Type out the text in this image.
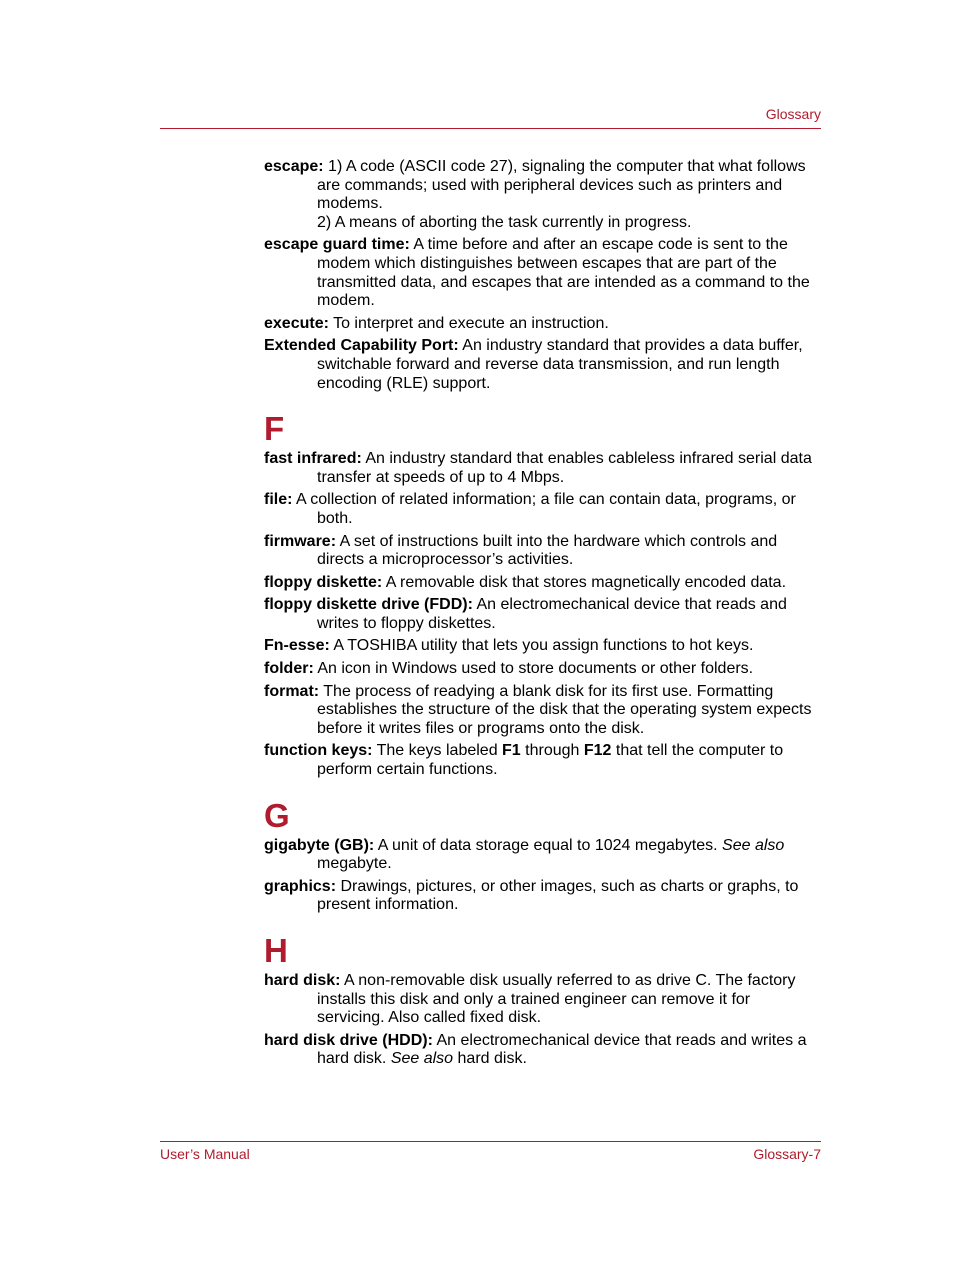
Glossary

escape: 1) A code (ASCII code 27), signaling the computer that what follows are commands; used with peripheral devices such as printers and modems.
2) A means of aborting the task currently in progress.

escape guard time: A time before and after an escape code is sent to the modem which distinguishes between escapes that are part of the transmitted data, and escapes that are intended as a command to the modem.

execute: To interpret and execute an instruction.

Extended Capability Port: An industry standard that provides a data buffer, switchable forward and reverse data transmission, and run length encoding (RLE) support.

F

fast infrared: An industry standard that enables cableless infrared serial data transfer at speeds of up to 4 Mbps.

file: A collection of related information; a file can contain data, programs, or both.

firmware: A set of instructions built into the hardware which controls and directs a microprocessor’s activities.

floppy diskette: A removable disk that stores magnetically encoded data.

floppy diskette drive (FDD): An electromechanical device that reads and writes to floppy diskettes.

Fn-esse: A TOSHIBA utility that lets you assign functions to hot keys.

folder: An icon in Windows used to store documents or other folders.

format: The process of readying a blank disk for its first use. Formatting establishes the structure of the disk that the operating system expects before it writes files or programs onto the disk.

function keys: The keys labeled F1 through F12 that tell the computer to perform certain functions.

G

gigabyte (GB): A unit of data storage equal to 1024 megabytes. See also megabyte.

graphics: Drawings, pictures, or other images, such as charts or graphs, to present information.

H

hard disk: A non-removable disk usually referred to as drive C. The factory installs this disk and only a trained engineer can remove it for servicing. Also called fixed disk.

hard disk drive (HDD): An electromechanical device that reads and writes a hard disk. See also hard disk.

User’s Manual	Glossary-7
